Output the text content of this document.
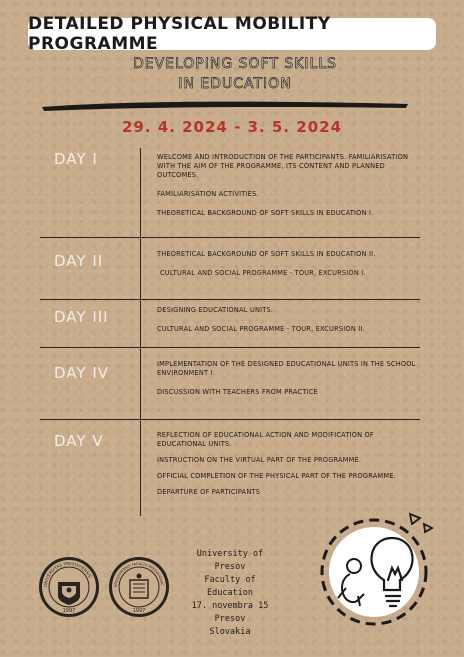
DETAILED PHYSICAL MOBILITY PROGRAMME
DEVELOPING SOFT SKILLS
IN EDUCATION
29. 4. 2024 - 3. 5. 2024
DAY I	WELCOME AND INTRODUCTION OF THE PARTICIPANTS. FAMILIARISATION WITH THE AIM OF THE PROGRAMME, ITS CONTENT AND PLANNED OUTCOMES.

FAMILIARISATION ACTIVITIES.

THEORETICAL BACKGROUND OF SOFT SKILLS IN EDUCATION I.

DAY II	THEORETICAL BACKGROUND OF SOFT SKILLS IN EDUCATION II.

CULTURAL AND SOCIAL PROGRAMME - TOUR, EXCURSION I.

DAY III	DESIGNING EDUCATIONAL UNITS.

CULTURAL AND SOCIAL PROGRAMME - TOUR, EXCURSION II.

DAY IV	IMPLEMENTATION OF THE DESIGNED EDUCATIONAL UNITS IN THE SCHOOL ENVIRONMENT I.

DISCUSSION WITH TEACHERS FROM PRACTICE

DAY V	REFLECTION OF EDUCATIONAL ACTION AND MODIFICATION OF EDUCATIONAL UNITS.

INSTRUCTION ON THE VIRTUAL PART OF THE PROGRAMME.

OFFICIAL COMPLETION OF THE PHYSICAL PART OF THE PROGRAMME.

DEPARTURE OF PARTICIPANTS

UNIVERSITAS PRESOVIENSIS
1997
PRESOVIENSIS FACULTA PAEDAGOGIC
1997
University of Presov
Faculty of Education
17. novembra 15
Presov
Slovakia
